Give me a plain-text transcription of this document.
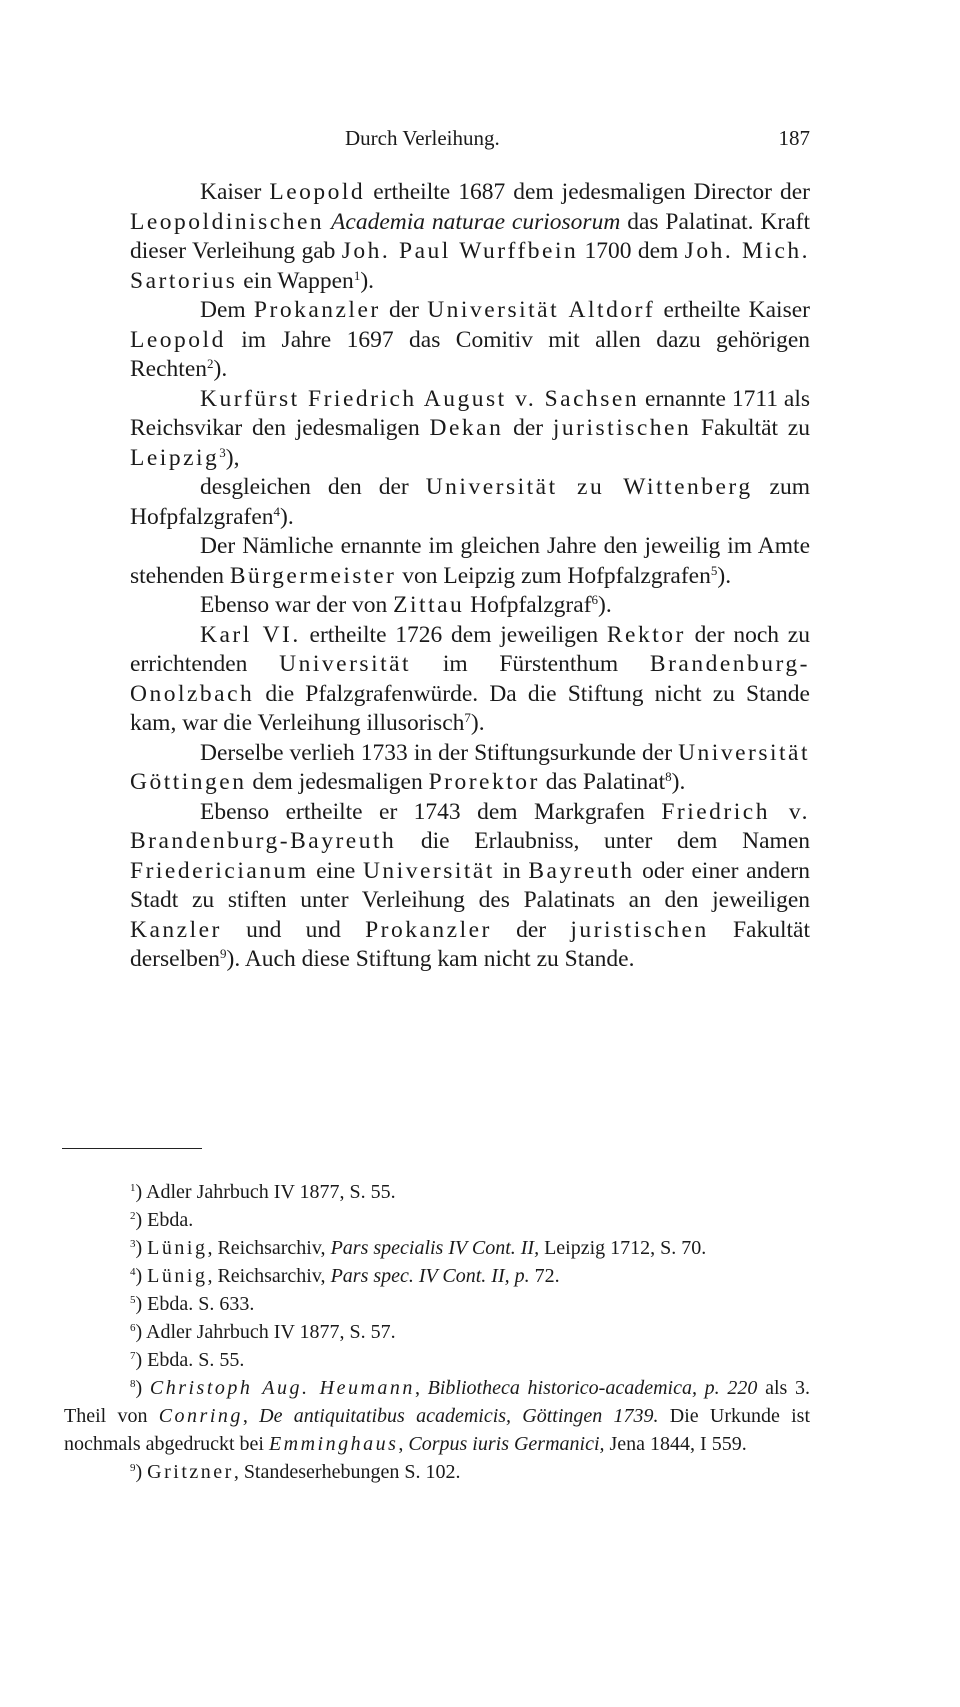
Durch Verleihung.	187

Kaiser Leopold ertheilte 1687 dem jedesmaligen Director der Leopoldinischen Academia naturae curiosorum das Palatinat. Kraft dieser Verleihung gab Joh. Paul Wurffbein 1700 dem Joh. Mich. Sartorius ein Wappen$^1$).

Dem Prokanzler der Universität Altdorf ertheilte Kaiser Leopold im Jahre 1697 das Comitiv mit allen dazu gehörigen Rechten$^2$).

Kurfürst Friedrich August v. Sachsen ernannte 1711 als Reichsvikar den jedesmaligen Dekan der juristischen Fakultät zu Leipzig$^3$),

desgleichen den der Universität zu Wittenberg zum Hofpfalzgrafen$^4$).

Der Nämliche ernannte im gleichen Jahre den jeweilig im Amte stehenden Bürgermeister von Leipzig zum Hofpfalzgrafen$^5$).

Ebenso war der von Zittau Hofpfalzgraf$^6$).

Karl VI. ertheilte 1726 dem jeweiligen Rektor der noch zu errichtenden Universität im Fürstenthum Brandenburg-Onolzbach die Pfalzgrafenwürde. Da die Stiftung nicht zu Stande kam, war die Verleihung illusorisch$^7$).

Derselbe verlieh 1733 in der Stiftungsurkunde der Universität Göttingen dem jedesmaligen Prorektor das Palatinat$^8$).

Ebenso ertheilte er 1743 dem Markgrafen Friedrich v. Brandenburg-Bayreuth die Erlaubniss, unter dem Namen Friedericianum eine Universität in Bayreuth oder einer andern Stadt zu stiften unter Verleihung des Palatinats an den jeweiligen Kanzler und und Prokanzler der juristischen Fakultät derselben$^9$). Auch diese Stiftung kam nicht zu Stande.

$^1$) Adler Jahrbuch IV 1877, S. 55.

$^2$) Ebda.

$^3$) Lünig, Reichsarchiv, Pars specialis IV Cont. II, Leipzig 1712, S. 70.

$^4$) Lünig, Reichsarchiv, Pars spec. IV Cont. II, p. 72.

$^5$) Ebda. S. 633.

$^6$) Adler Jahrbuch IV 1877, S. 57.

$^7$) Ebda. S. 55.

$^8$) Christoph Aug. Heumann, Bibliotheca historico-academica, p. 220 als 3. Theil von Conring, De antiquitatibus academicis, Göttingen 1739. Die Urkunde ist nochmals abgedruckt bei Emminghaus, Corpus iuris Germanici, Jena 1844, I 559.

$^9$) Gritzner, Standeserhebungen S. 102.
